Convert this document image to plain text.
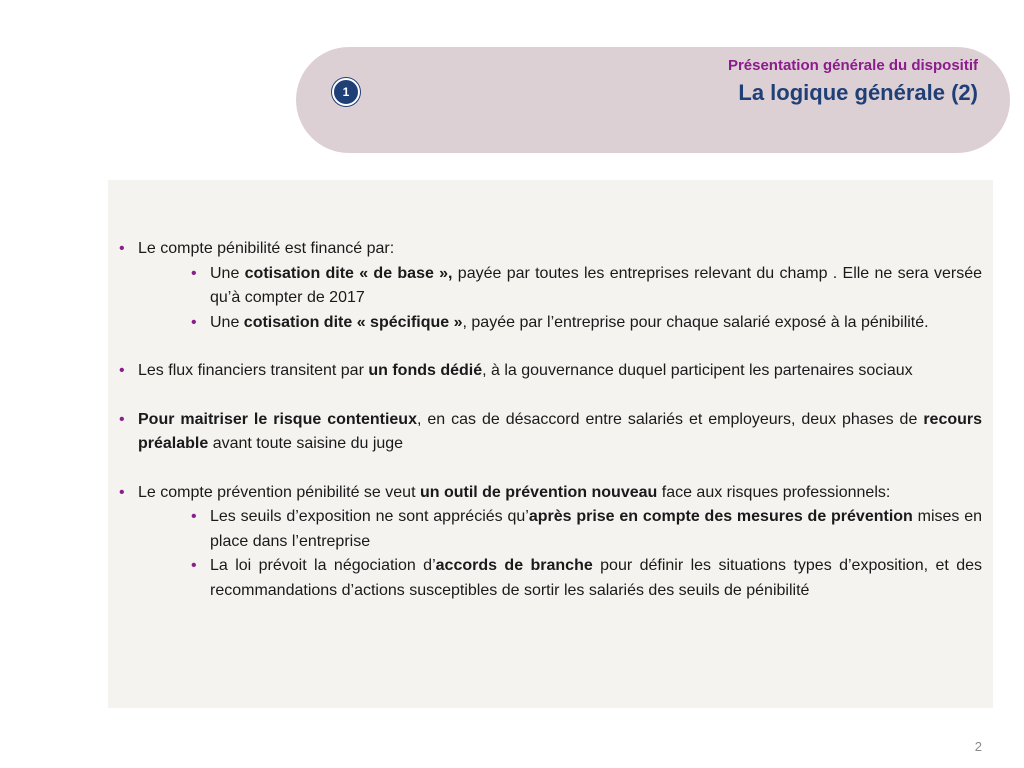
1
Présentation générale du dispositif
La logique générale (2)
• Le compte pénibilité est financé par:
• Une cotisation dite « de base », payée par toutes les entreprises relevant du champ . Elle ne sera versée qu’à compter de 2017
• Une cotisation dite « spécifique », payée par l’entreprise pour chaque salarié exposé à la pénibilité.
• Les flux financiers transitent par un fonds dédié, à la gouvernance duquel participent les partenaires sociaux
• Pour maitriser le risque contentieux, en cas de désaccord entre salariés et employeurs, deux phases de recours préalable avant toute saisine du juge
• Le compte prévention pénibilité se veut un outil de prévention nouveau face aux risques professionnels:
• Les seuils d’exposition ne sont appréciés qu’après prise en compte des mesures de prévention mises en place dans l’entreprise
• La loi prévoit la négociation d’accords de branche pour définir les situations types d’exposition, et des recommandations d’actions susceptibles de sortir les salariés des seuils de pénibilité
2
